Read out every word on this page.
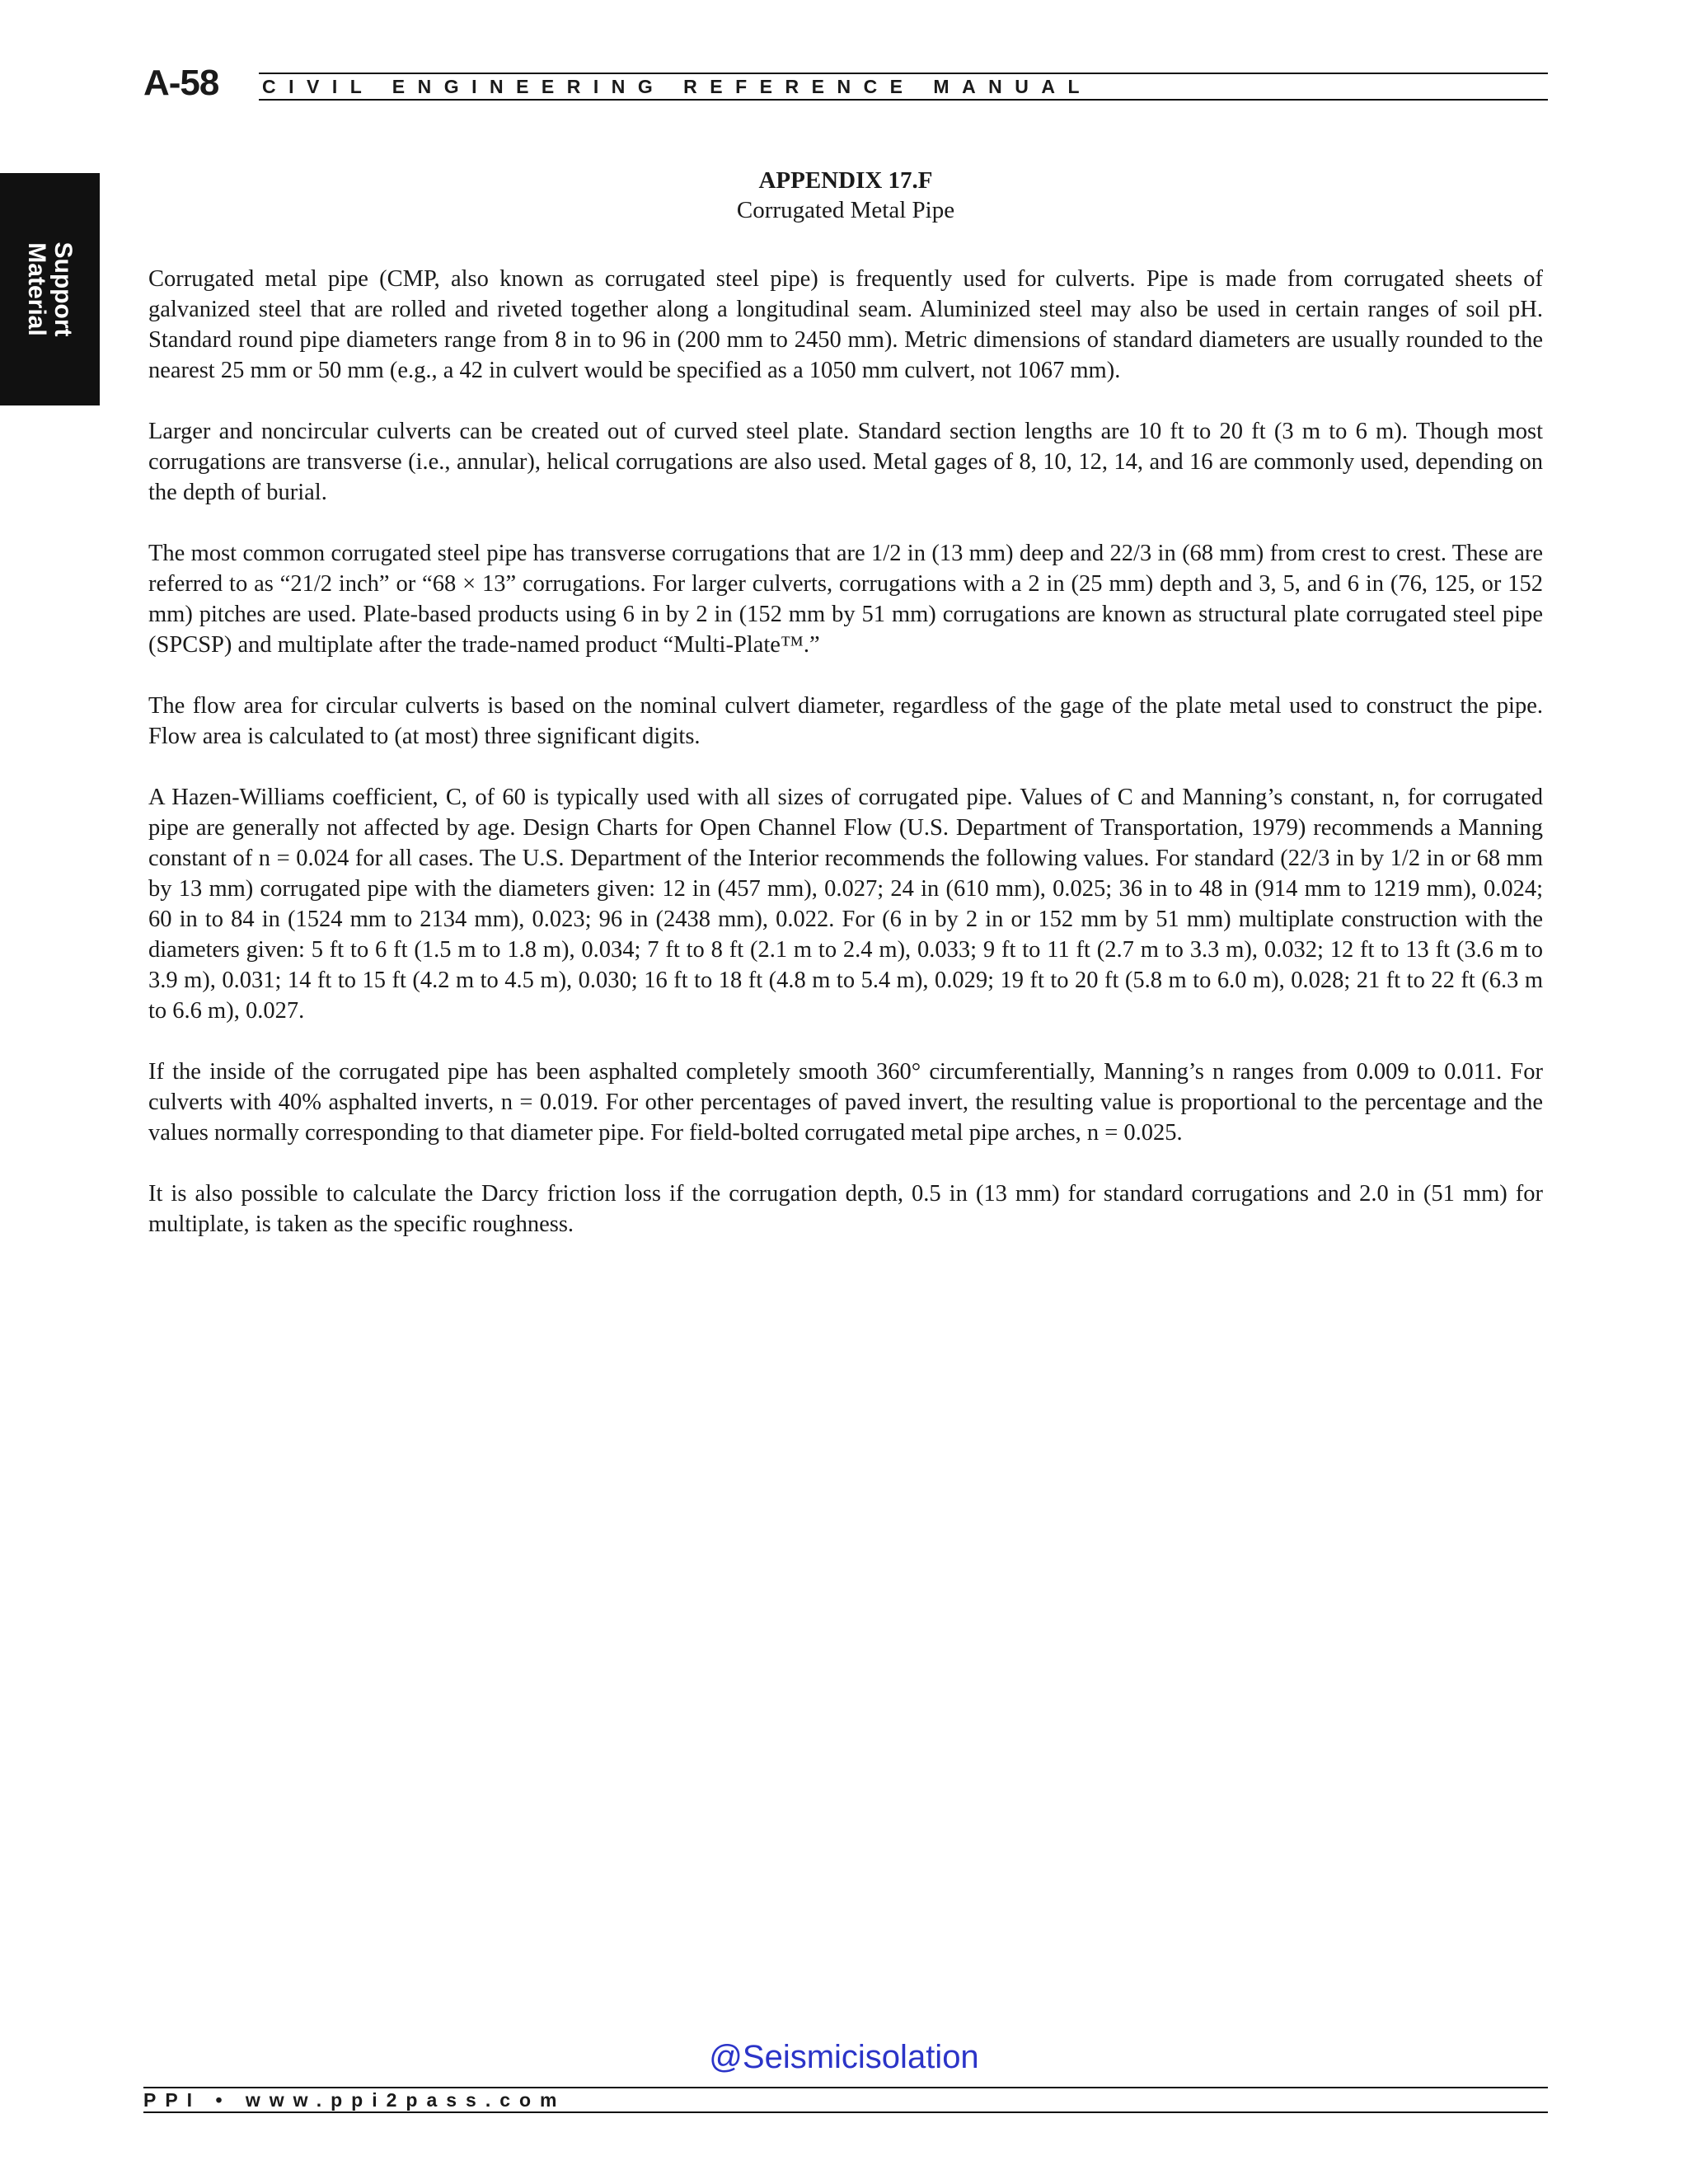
A-58 CIVIL ENGINEERING REFERENCE MANUAL
Support
Material
APPENDIX 17.F
Corrugated Metal Pipe

Corrugated metal pipe (CMP, also known as corrugated steel pipe) is frequently used for culverts. Pipe is made from corrugated sheets of galvanized steel that are rolled and riveted together along a longitudinal seam. Aluminized steel may also be used in certain ranges of soil pH. Standard round pipe diameters range from 8 in to 96 in (200 mm to 2450 mm). Metric dimensions of standard diameters are usually rounded to the nearest 25 mm or 50 mm (e.g., a 42 in culvert would be specified as a 1050 mm culvert, not 1067 mm).

Larger and noncircular culverts can be created out of curved steel plate. Standard section lengths are 10 ft to 20 ft (3 m to 6 m). Though most corrugations are transverse (i.e., annular), helical corrugations are also used. Metal gages of 8, 10, 12, 14, and 16 are commonly used, depending on the depth of burial.

The most common corrugated steel pipe has transverse corrugations that are 1/2 in (13 mm) deep and 22/3 in (68 mm) from crest to crest. These are referred to as “21/2 inch” or “68 × 13” corrugations. For larger culverts, corrugations with a 2 in (25 mm) depth and 3, 5, and 6 in (76, 125, or 152 mm) pitches are used. Plate-based products using 6 in by 2 in (152 mm by 51 mm) corrugations are known as structural plate corrugated steel pipe (SPCSP) and multiplate after the trade-named product “Multi-Plate™.”

The flow area for circular culverts is based on the nominal culvert diameter, regardless of the gage of the plate metal used to construct the pipe. Flow area is calculated to (at most) three significant digits.

A Hazen-Williams coefficient, C, of 60 is typically used with all sizes of corrugated pipe. Values of C and Manning’s constant, n, for corrugated pipe are generally not affected by age. Design Charts for Open Channel Flow (U.S. Department of Transportation, 1979) recommends a Manning constant of n = 0.024 for all cases. The U.S. Department of the Interior recommends the following values. For standard (22/3 in by 1/2 in or 68 mm by 13 mm) corrugated pipe with the diameters given: 12 in (457 mm), 0.027; 24 in (610 mm), 0.025; 36 in to 48 in (914 mm to 1219 mm), 0.024; 60 in to 84 in (1524 mm to 2134 mm), 0.023; 96 in (2438 mm), 0.022. For (6 in by 2 in or 152 mm by 51 mm) multiplate construction with the diameters given: 5 ft to 6 ft (1.5 m to 1.8 m), 0.034; 7 ft to 8 ft (2.1 m to 2.4 m), 0.033; 9 ft to 11 ft (2.7 m to 3.3 m), 0.032; 12 ft to 13 ft (3.6 m to 3.9 m), 0.031; 14 ft to 15 ft (4.2 m to 4.5 m), 0.030; 16 ft to 18 ft (4.8 m to 5.4 m), 0.029; 19 ft to 20 ft (5.8 m to 6.0 m), 0.028; 21 ft to 22 ft (6.3 m to 6.6 m), 0.027.

If the inside of the corrugated pipe has been asphalted completely smooth 360° circumferentially, Manning’s n ranges from 0.009 to 0.011. For culverts with 40% asphalted inverts, n = 0.019. For other percentages of paved invert, the resulting value is proportional to the percentage and the values normally corresponding to that diameter pipe. For field-bolted corrugated metal pipe arches, n = 0.025.

It is also possible to calculate the Darcy friction loss if the corrugation depth, 0.5 in (13 mm) for standard corrugations and 2.0 in (51 mm) for multiplate, is taken as the specific roughness.

@Seismicisolation
PPI • www.ppi2pass.com
